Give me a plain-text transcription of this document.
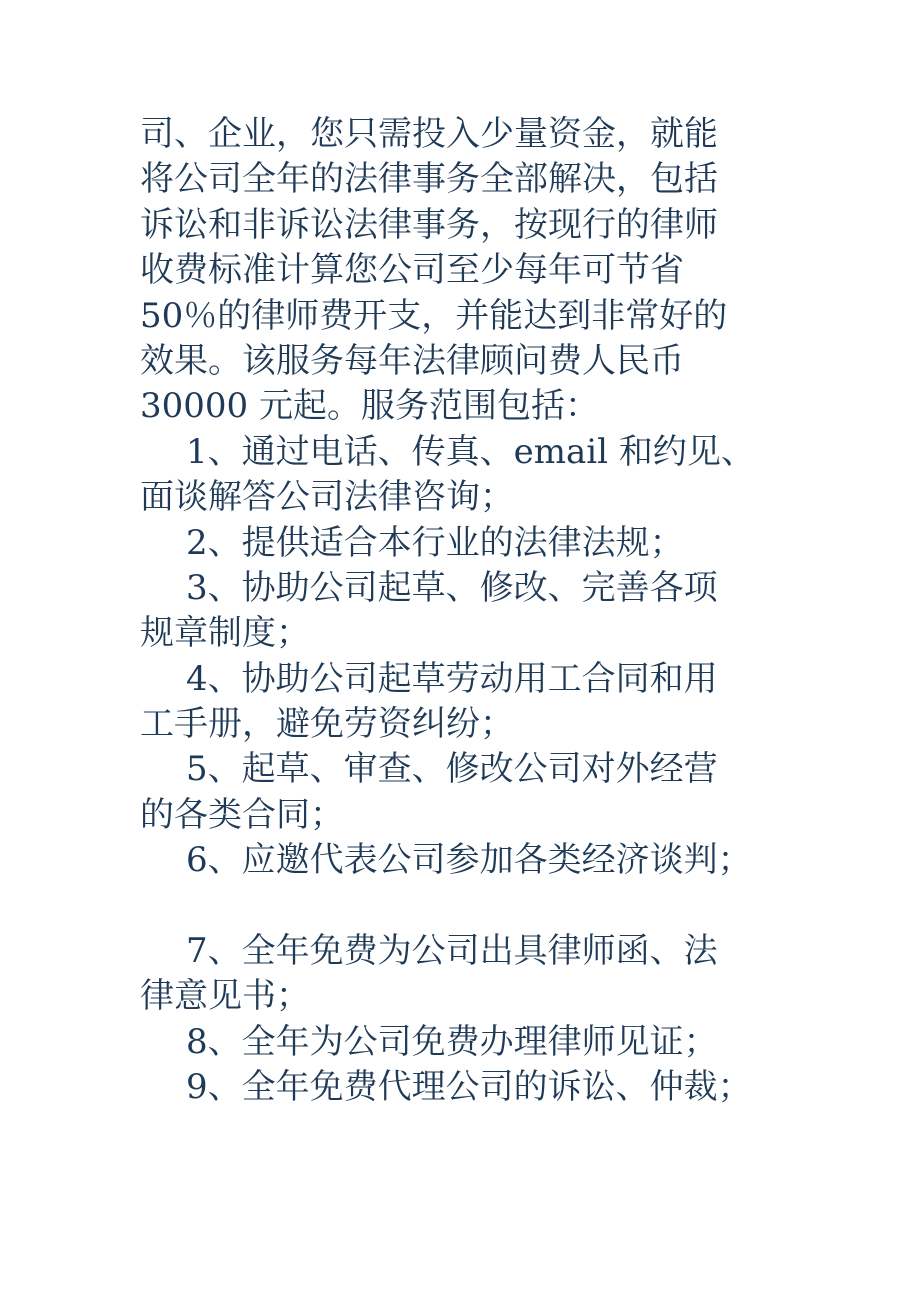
司、企业，您只需投入少量资金，就能
将公司全年的法律事务全部解决，包括
诉讼和非诉讼法律事务，按现行的律师
收费标准计算您公司至少每年可节省
50％的律师费开支，并能达到非常好的
效果。该服务每年法律顾问费人民币
30000 元起。服务范围包括：
1、通过电话、传真、email 和约见、
面谈解答公司法律咨询；
2、提供适合本行业的法律法规；
3、协助公司起草、修改、完善各项
规章制度；
4、协助公司起草劳动用工合同和用
工手册，避免劳资纠纷；
5、起草、审查、修改公司对外经营
的各类合同；
6、应邀代表公司参加各类经济谈判；
7、全年免费为公司出具律师函、法
律意见书；
8、全年为公司免费办理律师见证；
9、全年免费代理公司的诉讼、仲裁；
